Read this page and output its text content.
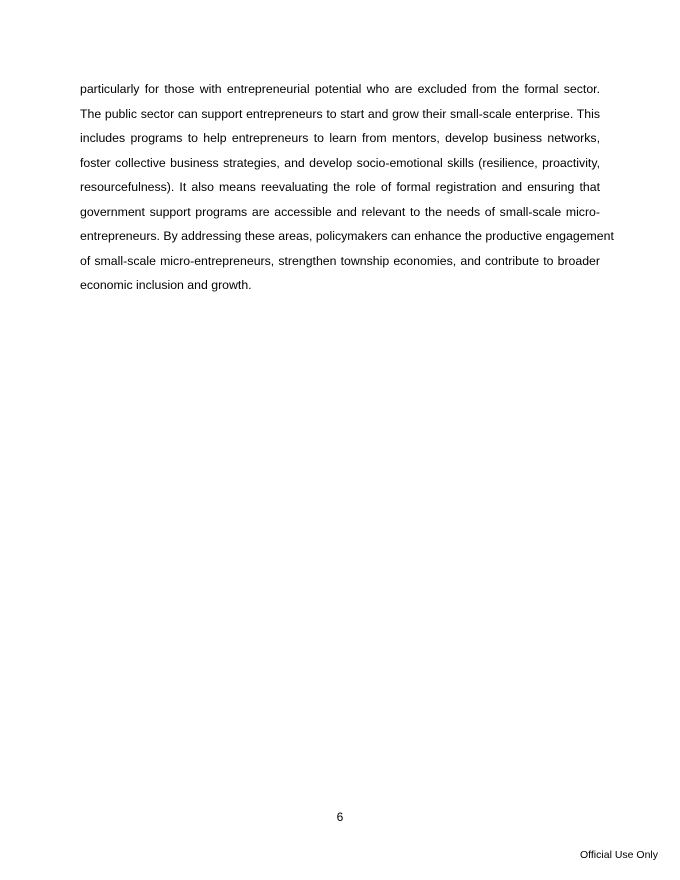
particularly for those with entrepreneurial potential who are excluded from the formal sector.
The public sector can support entrepreneurs to start and grow their small-scale enterprise. This
includes programs to help entrepreneurs to learn from mentors, develop business networks,
foster collective business strategies, and develop socio-emotional skills (resilience, proactivity,
resourcefulness). It also means reevaluating the role of formal registration and ensuring that
government support programs are accessible and relevant to the needs of small-scale micro-
entrepreneurs. By addressing these areas, policymakers can enhance the productive engagement
of small-scale micro-entrepreneurs, strengthen township economies, and contribute to broader
economic inclusion and growth.
6
Official Use Only
